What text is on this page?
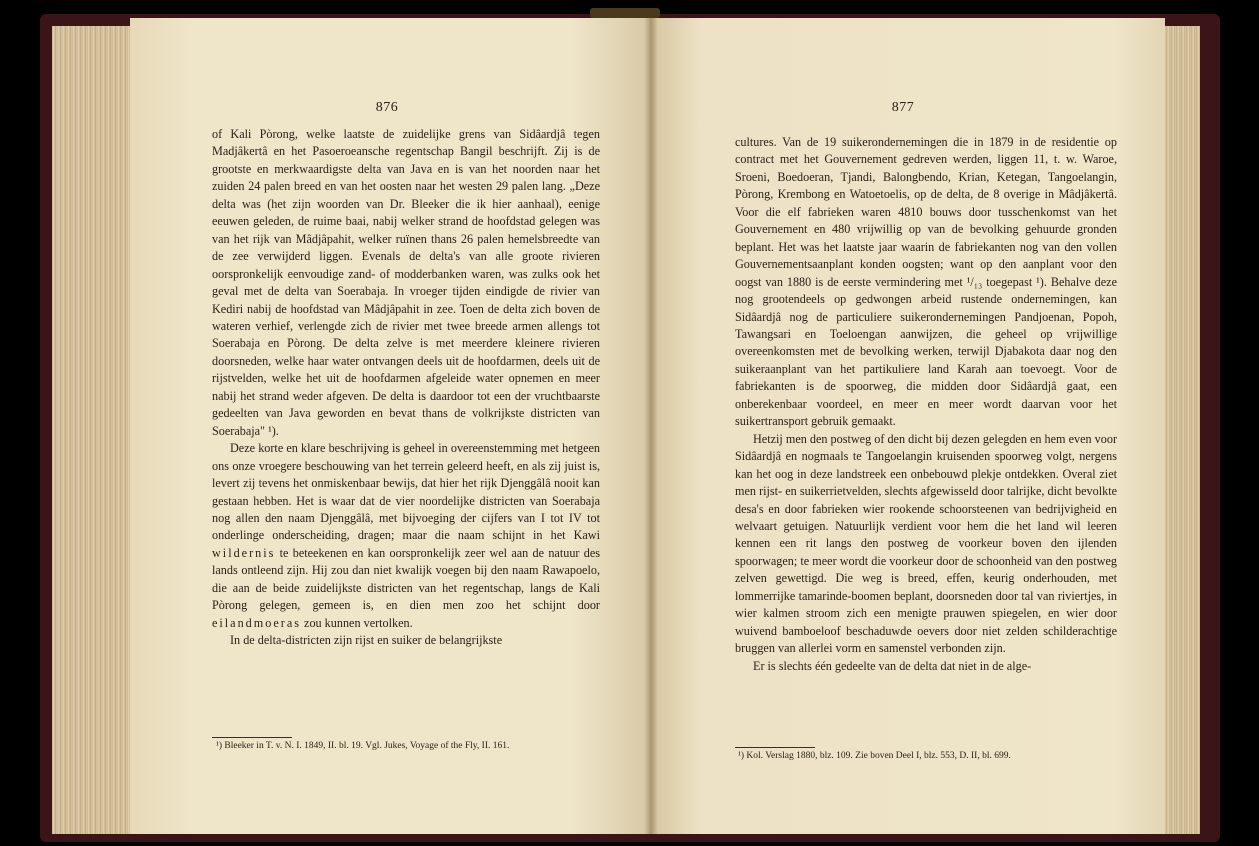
876

of Kali Pòrong, welke laatste de zuidelijke grens van Sidâardjâ tegen Madjâkertâ en het Pasoeroeansche regentschap Bangil beschrijft. Zij is de grootste en merkwaardigste delta van Java en is van het noorden naar het zuiden 24 palen breed en van het oosten naar het westen 29 palen lang. „Deze delta was (het zijn woorden van Dr. Bleeker die ik hier aanhaal), eenige eeuwen geleden, de ruime baai, nabij welker strand de hoofdstad gelegen was van het rijk van Mâdjâpahit, welker ruïnen thans 26 palen hemelsbreedte van de zee verwijderd liggen. Evenals de delta's van alle groote rivieren oorspronkelijk eenvoudige zand- of modderbanken waren, was zulks ook het geval met de delta van Soerabaja. In vroeger tijden eindigde de rivier van Kediri nabij de hoofdstad van Mâdjâpahit in zee. Toen de delta zich boven de wateren verhief, verlengde zich de rivier met twee breede armen allengs tot Soerabaja en Pòrong. De delta zelve is met meerdere kleinere rivieren doorsneden, welke haar water ontvangen deels uit de hoofdarmen, deels uit de rijstvelden, welke het uit de hoofdarmen afgeleide water opnemen en meer nabij het strand weder afgeven. De delta is daardoor tot een der vruchtbaarste gedeelten van Java geworden en bevat thans de volkrijkste districten van Soerabaja" ¹).

Deze korte en klare beschrijving is geheel in overeenstemming met hetgeen ons onze vroegere beschouwing van het terrein geleerd heeft, en als zij juist is, levert zij tevens het onmiskenbaar bewijs, dat hier het rijk Djenggâlâ nooit kan gestaan hebben. Het is waar dat de vier noordelijke districten van Soerabaja nog allen den naam Djenggâlâ, met bijvoeging der cijfers van I tot IV tot onderlinge onderscheiding, dragen; maar die naam schijnt in het Kawi wildernis te beteekenen en kan oorspronkelijk zeer wel aan de natuur des lands ontleend zijn. Hij zou dan niet kwalijk voegen bij den naam Rawapoelo, die aan de beide zuidelijkste districten van het regentschap, langs de Kali Pòrong gelegen, gemeen is, en dien men zoo het schijnt door eilandmoeras zou kunnen vertolken.

In de delta-districten zijn rijst en suiker de belangrijkste

¹) Bleeker in T. v. N. I. 1849, II. bl. 19. Vgl. Jukes, Voyage of the Fly, II. 161.
877

cultures. Van de 19 suikerondernemingen die in 1879 in de residentie op contract met het Gouvernement gedreven werden, liggen 11, t. w. Waroe, Sroeni, Boedoeran, Tjandi, Balongbendo, Krian, Ketegan, Tangoelangin, Pòrong, Krembong en Watoetoelis, op de delta, de 8 overige in Mâdjâkertâ. Voor die elf fabrieken waren 4810 bouws door tusschenkomst van het Gouvernement en 480 vrijwillig op van de bevolking gehuurde gronden beplant. Het was het laatste jaar waarin de fabriekanten nog van den vollen Gouvernementsaanplant konden oogsten; want op den aanplant voor den oogst van 1880 is de eerste vermindering met ¹/₁₃ toegepast ¹). Behalve deze nog grootendeels op gedwongen arbeid rustende ondernemingen, kan Sidâardjâ nog de particuliere suikerondernemingen Pandjoenan, Popoh, Tawangsari en Toeloengan aanwijzen, die geheel op vrijwillige overeenkomsten met de bevolking werken, terwijl Djabakota daar nog den suikeraanplant van het partikuliere land Karah aan toevoegt. Voor de fabriekanten is de spoorweg, die midden door Sidâardjâ gaat, een onberekenbaar voordeel, en meer en meer wordt daarvan voor het suikertransport gebruik gemaakt.

Hetzij men den postweg of den dicht bij dezen gelegden en hem even voor Sidâardjâ en nogmaals te Tangoelangin kruisenden spoorweg volgt, nergens kan het oog in deze landstreek een onbebouwd plekje ontdekken. Overal ziet men rijst- en suikerrietvelden, slechts afgewisseld door talrijke, dicht bevolkte desa's en door fabrieken wier rookende schoorsteenen van bedrijvigheid en welvaart getuigen. Natuurlijk verdient voor hem die het land wil leeren kennen een rit langs den postweg de voorkeur boven den ijlenden spoorwagen; te meer wordt die voorkeur door de schoonheid van den postweg zelven gewettigd. Die weg is breed, effen, keurig onderhouden, met lommerrijke tamarinde-boomen beplant, doorsneden door tal van riviertjes, in wier kalmen stroom zich een menigte prauwen spiegelen, en wier door wuivend bamboeloof beschaduwde oevers door niet zelden schilderachtige bruggen van allerlei vorm en samenstel verbonden zijn.

Er is slechts één gedeelte van de delta dat niet in de alge-

¹) Kol. Verslag 1880, blz. 109. Zie boven Deel I, blz. 553, D. II, bl. 699.
